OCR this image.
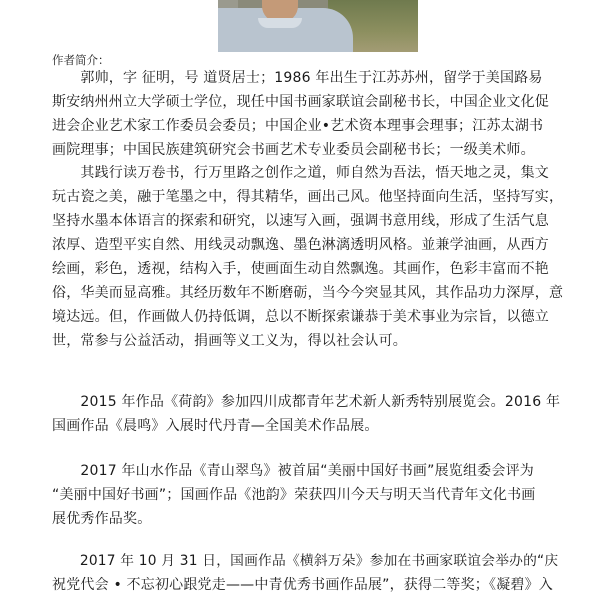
作者简介：
　　郭帅，字 征明，号 道贤居士；1986 年出生于江苏苏州，留学于美国路易
斯安纳州州立大学硕士学位，现任中国书画家联谊会副秘书长，中国企业文化促
进会企业艺术家工作委员会委员；中国企业•艺术资本理事会理事；江苏太湖书
画院理事；中国民族建筑研究会书画艺术专业委员会副秘书长；一级美术师。
　　其践行读万卷书，行万里路之创作之道，师自然为吾法，悟天地之灵，集文
玩古瓷之美，融于笔墨之中，得其精华，画出己风。他坚持面向生活，坚持写实，
坚持水墨本体语言的探索和研究，以速写入画，强调书意用线，形成了生活气息
浓厚、造型平实自然、用线灵动飘逸、墨色淋漓透明风格。並兼学油画，从西方
绘画，彩色，透视，结构入手，使画面生动自然飘逸。其画作，色彩丰富而不艳
俗，华美而显高雅。其经历数年不断磨砺，当今今突显其风，其作品功力深厚，意
境达远。但，作画做人仍持低调，总以不断探索谦恭于美术事业为宗旨，以德立
世，常参与公益活动，捐画等义工义为，得以社会认可。
　　2015 年作品《荷韵》参加四川成都青年艺术新人新秀特别展览会。2016 年
国画作品《晨鸣》入展时代丹青—全国美术作品展。
　　2017 年山水作品《青山翠鸟》被首届“美丽中国好书画”展览组委会评为
“美丽中国好书画”；国画作品《池韵》荣获四川今天与明天当代青年文化书画
展优秀作品奖。
　　2017 年 10 月 31 日，国画作品《横斜万朵》参加在书画家联谊会举办的“庆
祝党代会 • 不忘初心跟党走——中青优秀书画作品展”，获得二等奖；《凝碧》入
